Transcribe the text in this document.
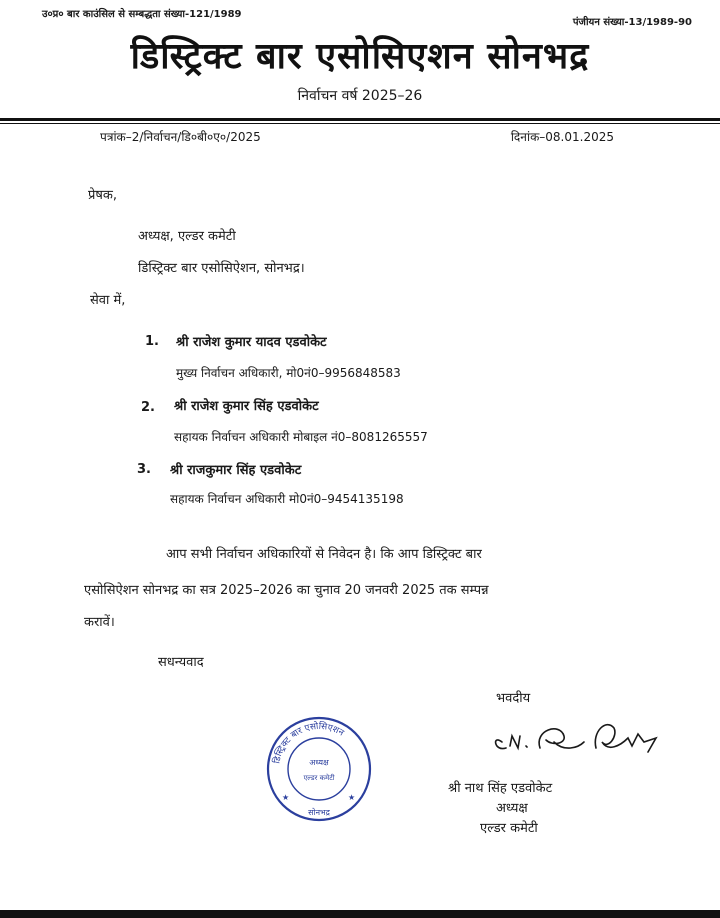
उ०प्र० बार काउंसिल से सम्बद्धता संख्या-121/1989
पंजीयन संख्या-13/1989-90
डिस्ट्रिक्ट बार एसोसिएशन सोनभद्र
निर्वाचन वर्ष 2025–26
पत्रांक–2/निर्वाचन/डि०बी०ए०/2025	दिनांक–08.01.2025
प्रेषक,
अध्यक्ष, एल्डर कमेटी
डिस्ट्रिक्ट बार एसोसिऐशन, सोनभद्र।
सेवा में,
1. श्री राजेश कुमार यादव एडवोकेट
मुख्य निर्वाचन अधिकारी, मो0नं0–9956848583
2. श्री राजेश कुमार सिंह एडवोकेट
सहायक निर्वाचन अधिकारी मोबाइल नं0–8081265557
3. श्री राजकुमार सिंह एडवोकेट
सहायक निर्वाचन अधिकारी मो0नं0–9454135198
आप सभी निर्वाचन अधिकारियों से निवेदन है। कि आप डिस्ट्रिक्ट बार
एसोसिऐशन सोनभद्र का सत्र 2025–2026 का चुनाव 20 जनवरी 2025 तक सम्पन्न
करावें।
सधन्यवाद
भवदीय
डिस्ट्रिक्ट बार एसोसिएशन
अध्यक्ष
एल्डर कमेटी
सोनभद्र
★	★
श्री नाथ सिंह एडवोकेट
अध्यक्ष
एल्डर कमेटी
